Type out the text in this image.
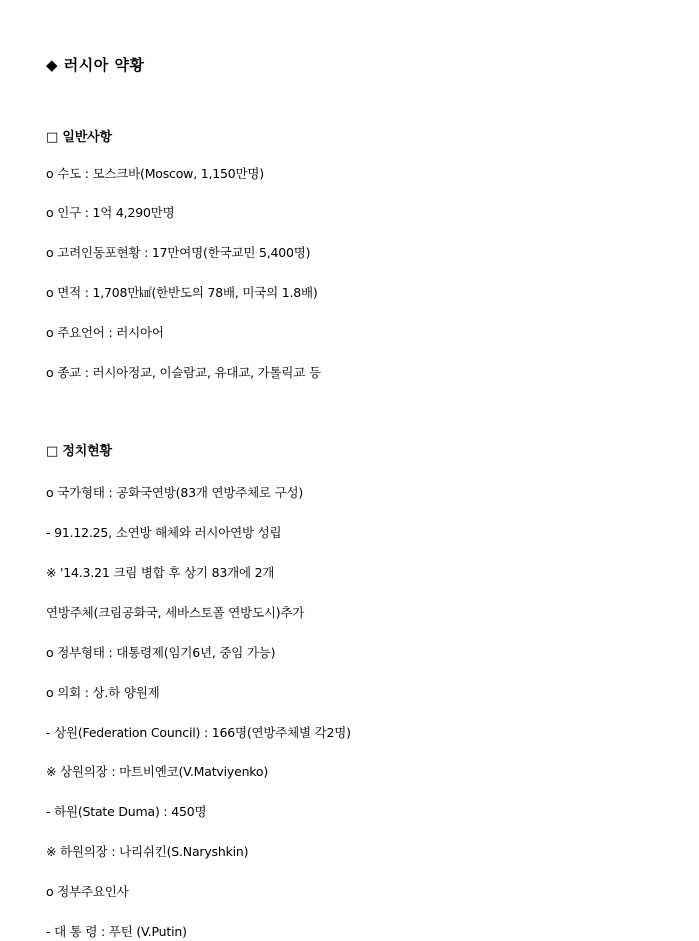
◆ 러시아 약황
□ 일반사항
o 수도 : 모스크바(Moscow, 1,150만명)
o 인구 : 1억 4,290만명
o 고려인동포현황 : 17만여명(한국교민 5,400명)
o 면적 : 1,708만㎢(한반도의 78배, 미국의 1.8배)
o 주요언어 : 러시아어
o 종교 : 러시아정교, 이슬람교, 유대교, 가톨릭교 등
□ 정치현황
o 국가형태 : 공화국연방(83개 연방주체로 구성)
- 91.12.25, 소연방 해체와 러시아연방 성립
※ '14.3.21 크림 병합 후 상기 83개에 2개
연방주체(크림공화국, 세바스토폴 연방도시)추가
o 정부형태 : 대통령제(임기6년, 중임 가능)
o 의회 : 상.하 양원제
- 상원(Federation Council) : 166명(연방주체별 각2명)
※ 상원의장 : 마트비옌코(V.Matviyenko)
- 하원(State Duma) : 450명
※ 하원의장 : 나리쉬킨(S.Naryshkin)
o 정부주요인사
- 대 통 령 : 푸틴 (V.Putin)
